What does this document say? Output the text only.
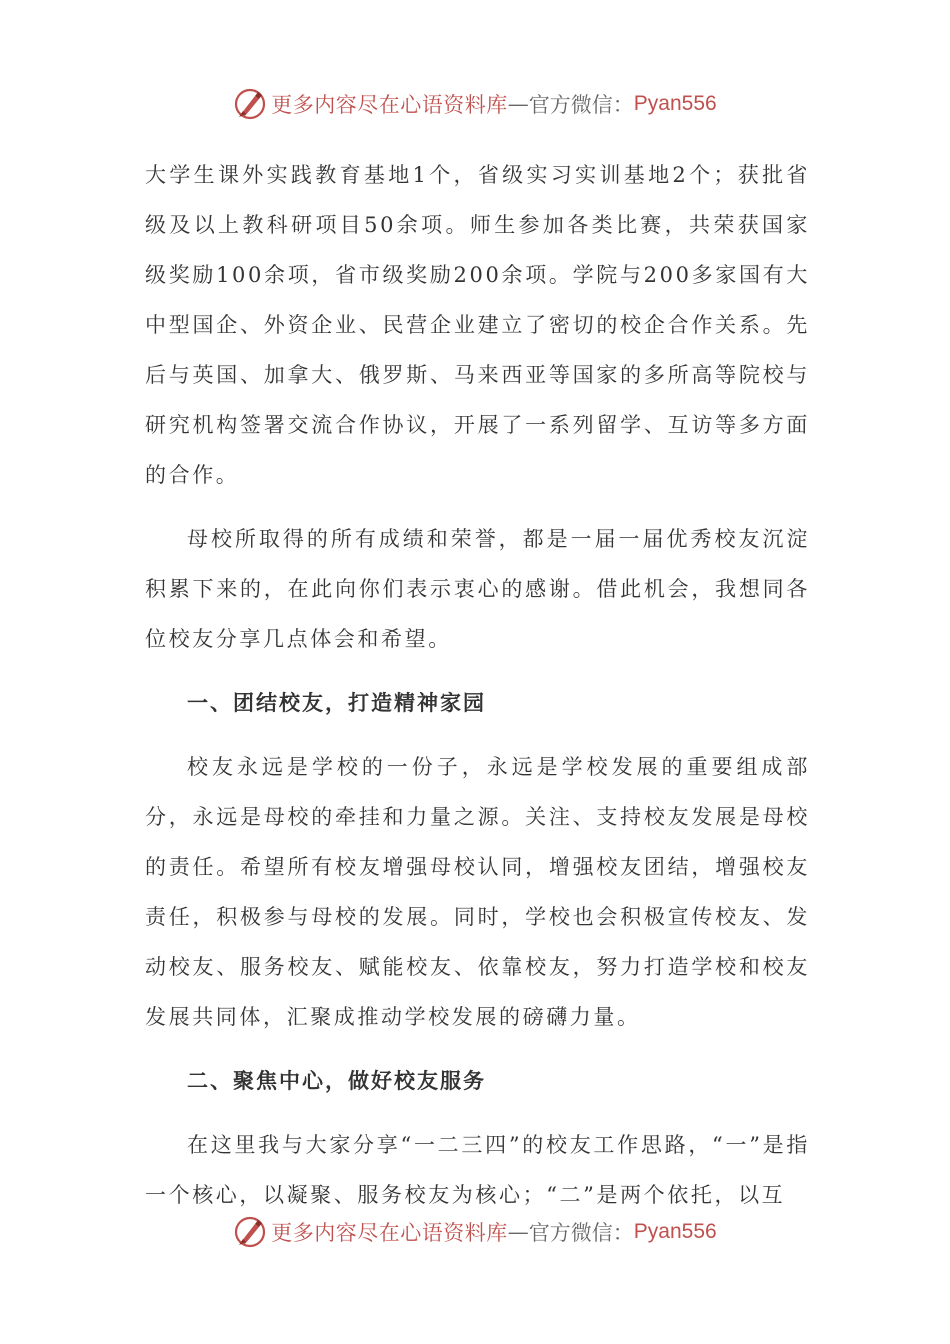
更多内容尽在心语资料库 — 官方微信： Pyan556

大学生课外实践教育基地1个，省级实习实训基地2个；获批省级及以上教科研项目50余项。师生参加各类比赛，共荣获国家级奖励100余项，省市级奖励200余项。学院与200多家国有大中型国企、外资企业、民营企业建立了密切的校企合作关系。先后与英国、加拿大、俄罗斯、马来西亚等国家的多所高等院校与研究机构签署交流合作协议，开展了一系列留学、互访等多方面的合作。

母校所取得的所有成绩和荣誉，都是一届一届优秀校友沉淀积累下来的，在此向你们表示衷心的感谢。借此机会，我想同各位校友分享几点体会和希望。

一、团结校友，打造精神家园

校友永远是学校的一份子，永远是学校发展的重要组成部分，永远是母校的牵挂和力量之源。关注、支持校友发展是母校的责任。希望所有校友增强母校认同，增强校友团结，增强校友责任，积极参与母校的发展。同时，学校也会积极宣传校友、发动校友、服务校友、赋能校友、依靠校友，努力打造学校和校友发展共同体，汇聚成推动学校发展的磅礴力量。

二、聚焦中心，做好校友服务

在这里我与大家分享“一二三四”的校友工作思路，“一”是指一个核心，以凝聚、服务校友为核心；“二”是两个依托，以互

更多内容尽在心语资料库 — 官方微信： Pyan556
